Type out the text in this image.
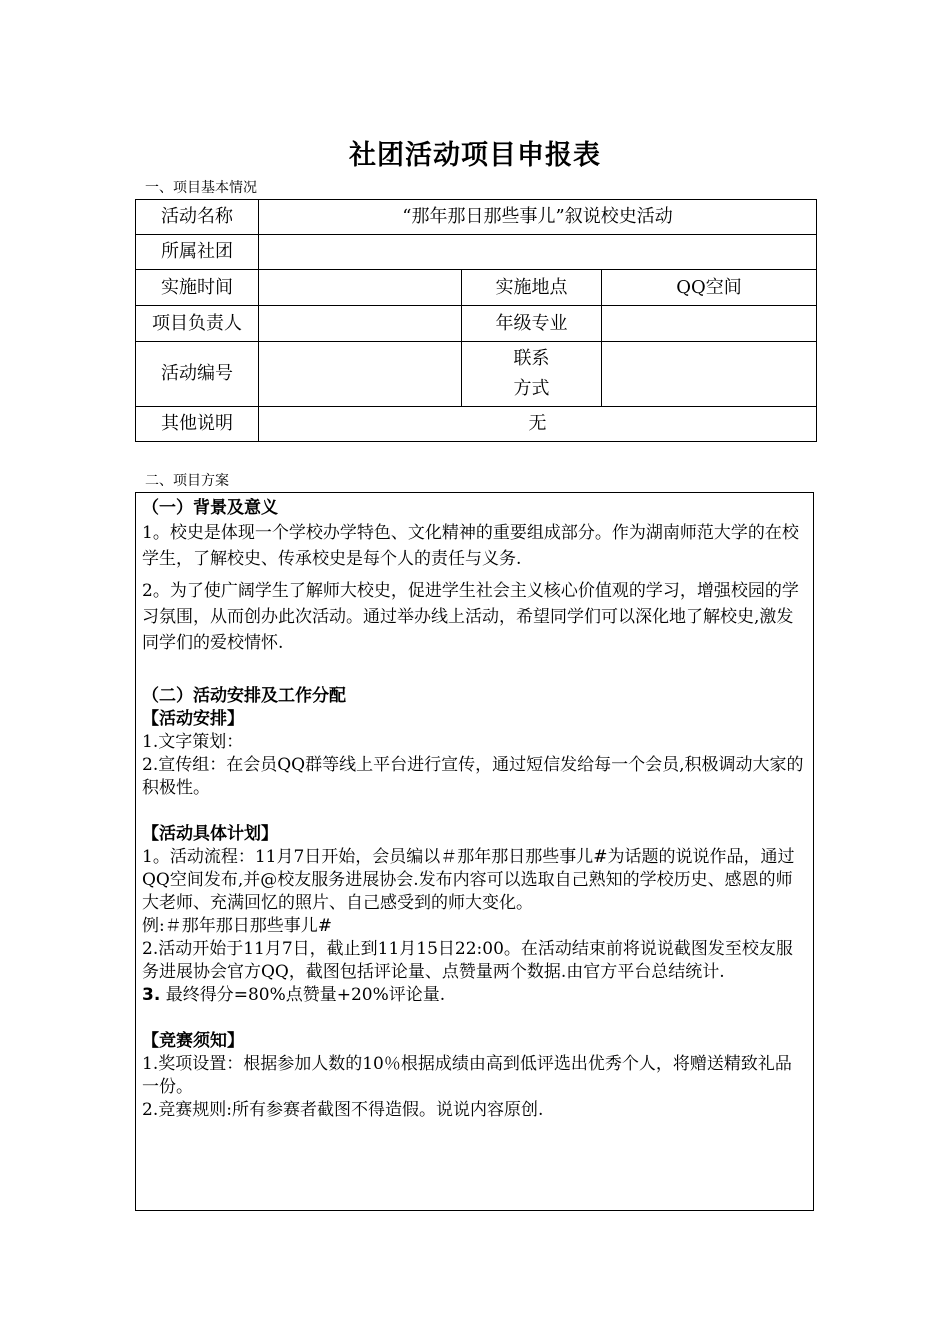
社团活动项目申报表
一、项目基本情况
活动名称	“那年那日那些事儿”叙说校史活动		
所属社团			
实施时间		实施地点	QQ空间
项目负责人		年级专业	
活动编号		联系
方式	

其他说明	无		
二、项目方案

（一）背景及意义

1。校史是体现一个学校办学特色、文化精神的重要组成部分。作为湖南师范大学的在校学生，了解校史、传承校史是每个人的责任与义务.

2。为了使广阔学生了解师大校史，促进学生社会主义核心价值观的学习，增强校园的学习氛围，从而创办此次活动。通过举办线上活动，希望同学们可以深化地了解校史,激发同学们的爱校情怀.

（二）活动安排及工作分配

【活动安排】

1.文字策划：

2.宣传组：在会员QQ群等线上平台进行宣传，通过短信发给每一个会员,积极调动大家的积极性。

【活动具体计划】

1。活动流程：11月7日开始，会员编以＃那年那日那些事儿#为话题的说说作品，通过QQ空间发布,并@校友服务进展协会.发布内容可以选取自己熟知的学校历史、感恩的师大老师、充满回忆的照片、自己感受到的师大变化。

例:＃那年那日那些事儿#

2.活动开始于11月7日，截止到11月15日22:00。在活动结束前将说说截图发至校友服务进展协会官方QQ，截图包括评论量、点赞量两个数据.由官方平台总结统计.

3. 最终得分=80%点赞量+20%评论量.

【竞赛须知】

1.奖项设置：根据参加人数的10％根据成绩由高到低评选出优秀个人，将赠送精致礼品一份。

2.竞赛规则:所有参赛者截图不得造假。说说内容原创.
